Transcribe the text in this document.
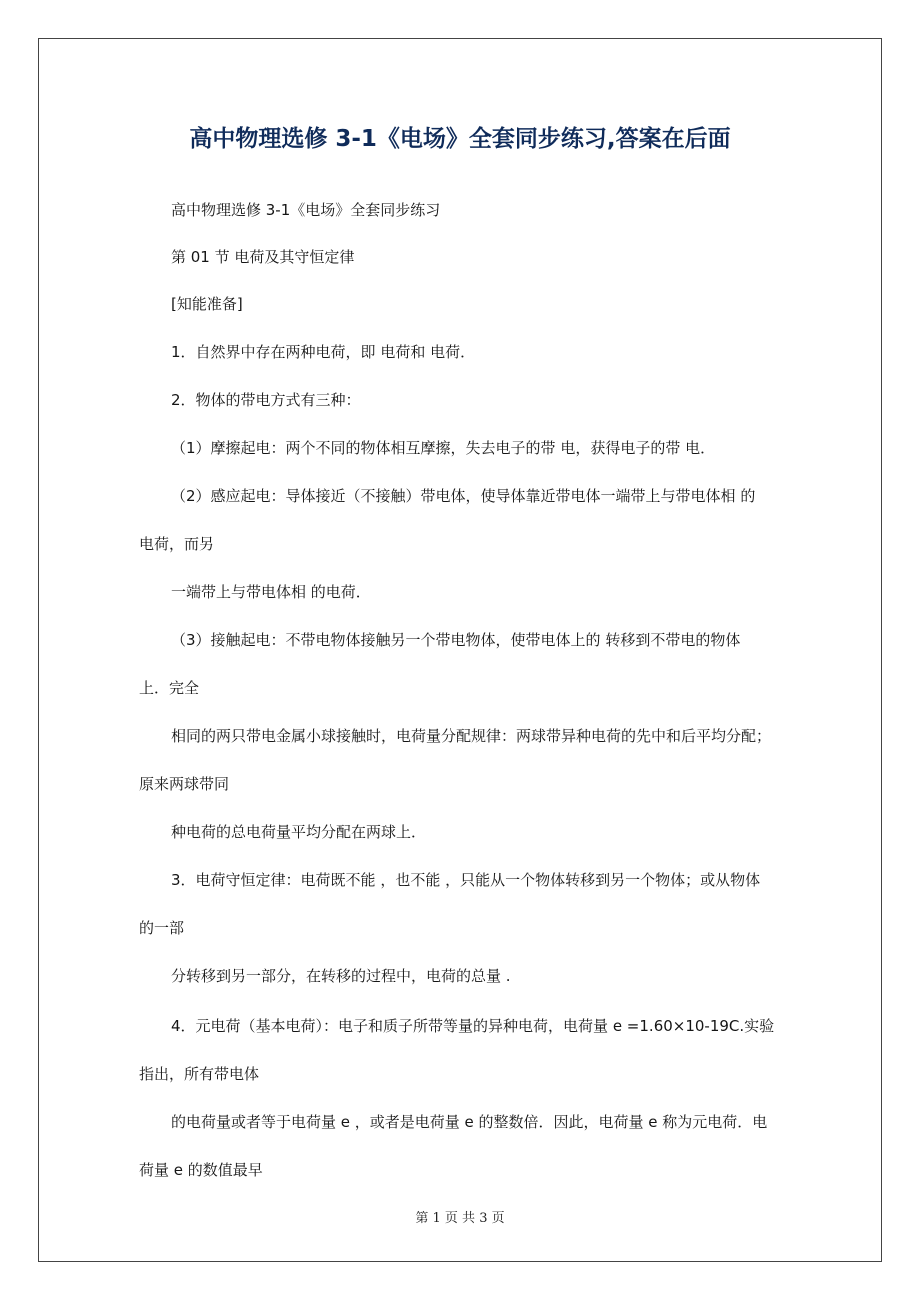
高中物理选修 3-1《电场》全套同步练习,答案在后面
高中物理选修 3-1《电场》全套同步练习
第 01 节 电荷及其守恒定律
[知能准备]
1．自然界中存在两种电荷，即 电荷和 电荷．
2．物体的带电方式有三种：
（1）摩擦起电：两个不同的物体相互摩擦，失去电子的带 电，获得电子的带 电．
（2）感应起电：导体接近（不接触）带电体，使导体靠近带电体一端带上与带电体相 的
电荷，而另
一端带上与带电体相 的电荷．
（3）接触起电：不带电物体接触另一个带电物体，使带电体上的 转移到不带电的物体
上．完全
相同的两只带电金属小球接触时，电荷量分配规律：两球带异种电荷的先中和后平均分配；
原来两球带同
种电荷的总电荷量平均分配在两球上．
3．电荷守恒定律：电荷既不能 ，也不能 ，只能从一个物体转移到另一个物体；或从物体
的一部
分转移到另一部分，在转移的过程中，电荷的总量 .
4．元电荷（基本电荷）：电子和质子所带等量的异种电荷，电荷量 e =1.60×10-19C.实验
指出，所有带电体
的电荷量或者等于电荷量 e ，或者是电荷量 e 的整数倍．因此，电荷量 e 称为元电荷．电
荷量 e 的数值最早
第 1 页 共 3 页
